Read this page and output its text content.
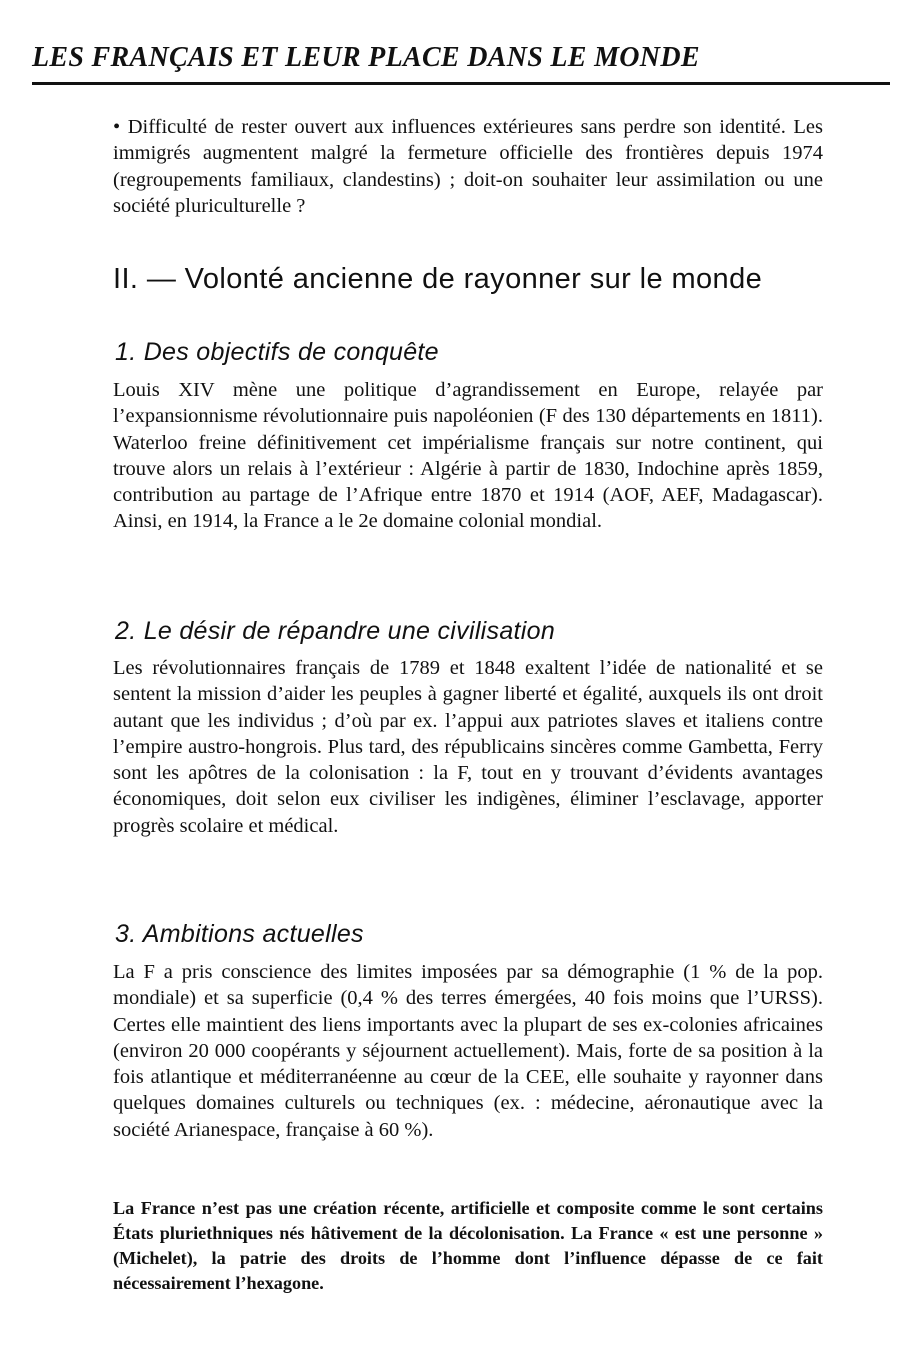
LES FRANÇAIS ET LEUR PLACE DANS LE MONDE

• Difficulté de rester ouvert aux influences extérieures sans perdre son identité. Les immigrés augmentent malgré la fermeture officielle des frontières depuis 1974 (regroupements familiaux, clandestins) ; doit-on souhaiter leur assimilation ou une société pluriculturelle ?

II. — Volonté ancienne de rayonner sur le monde
1. Des objectifs de conquête

Louis XIV mène une politique d’agrandissement en Europe, relayée par l’expansionnisme révolutionnaire puis napoléonien (F des 130 départements en 1811). Waterloo freine définitivement cet impérialisme français sur notre continent, qui trouve alors un relais à l’extérieur : Algérie à partir de 1830, Indochine après 1859, contribution au partage de l’Afrique entre 1870 et 1914 (AOF, AEF, Madagascar). Ainsi, en 1914, la France a le 2e domaine colonial mondial.

2. Le désir de répandre une civilisation

Les révolutionnaires français de 1789 et 1848 exaltent l’idée de nationalité et se sentent la mission d’aider les peuples à gagner liberté et égalité, auxquels ils ont droit autant que les individus ; d’où par ex. l’appui aux patriotes slaves et italiens contre l’empire austro-hongrois. Plus tard, des républicains sincères comme Gambetta, Ferry sont les apôtres de la colonisation : la F, tout en y trouvant d’évidents avantages économiques, doit selon eux civiliser les indigènes, éliminer l’esclavage, apporter progrès scolaire et médical.

3. Ambitions actuelles

La F a pris conscience des limites imposées par sa démographie (1 % de la pop. mondiale) et sa superficie (0,4 % des terres émergées, 40 fois moins que l’URSS). Certes elle maintient des liens importants avec la plupart de ses ex-colonies africaines (environ 20 000 coopérants y séjournent actuellement). Mais, forte de sa position à la fois atlantique et méditerranéenne au cœur de la CEE, elle souhaite y rayonner dans quelques domaines culturels ou techniques (ex. : médecine, aéronautique avec la société Arianespace, française à 60 %).

La France n’est pas une création récente, artificielle et composite comme le sont certains États pluriethniques nés hâtivement de la décolonisation. La France « est une personne » (Michelet), la patrie des droits de l’homme dont l’influence dépasse de ce fait nécessairement l’hexagone.
